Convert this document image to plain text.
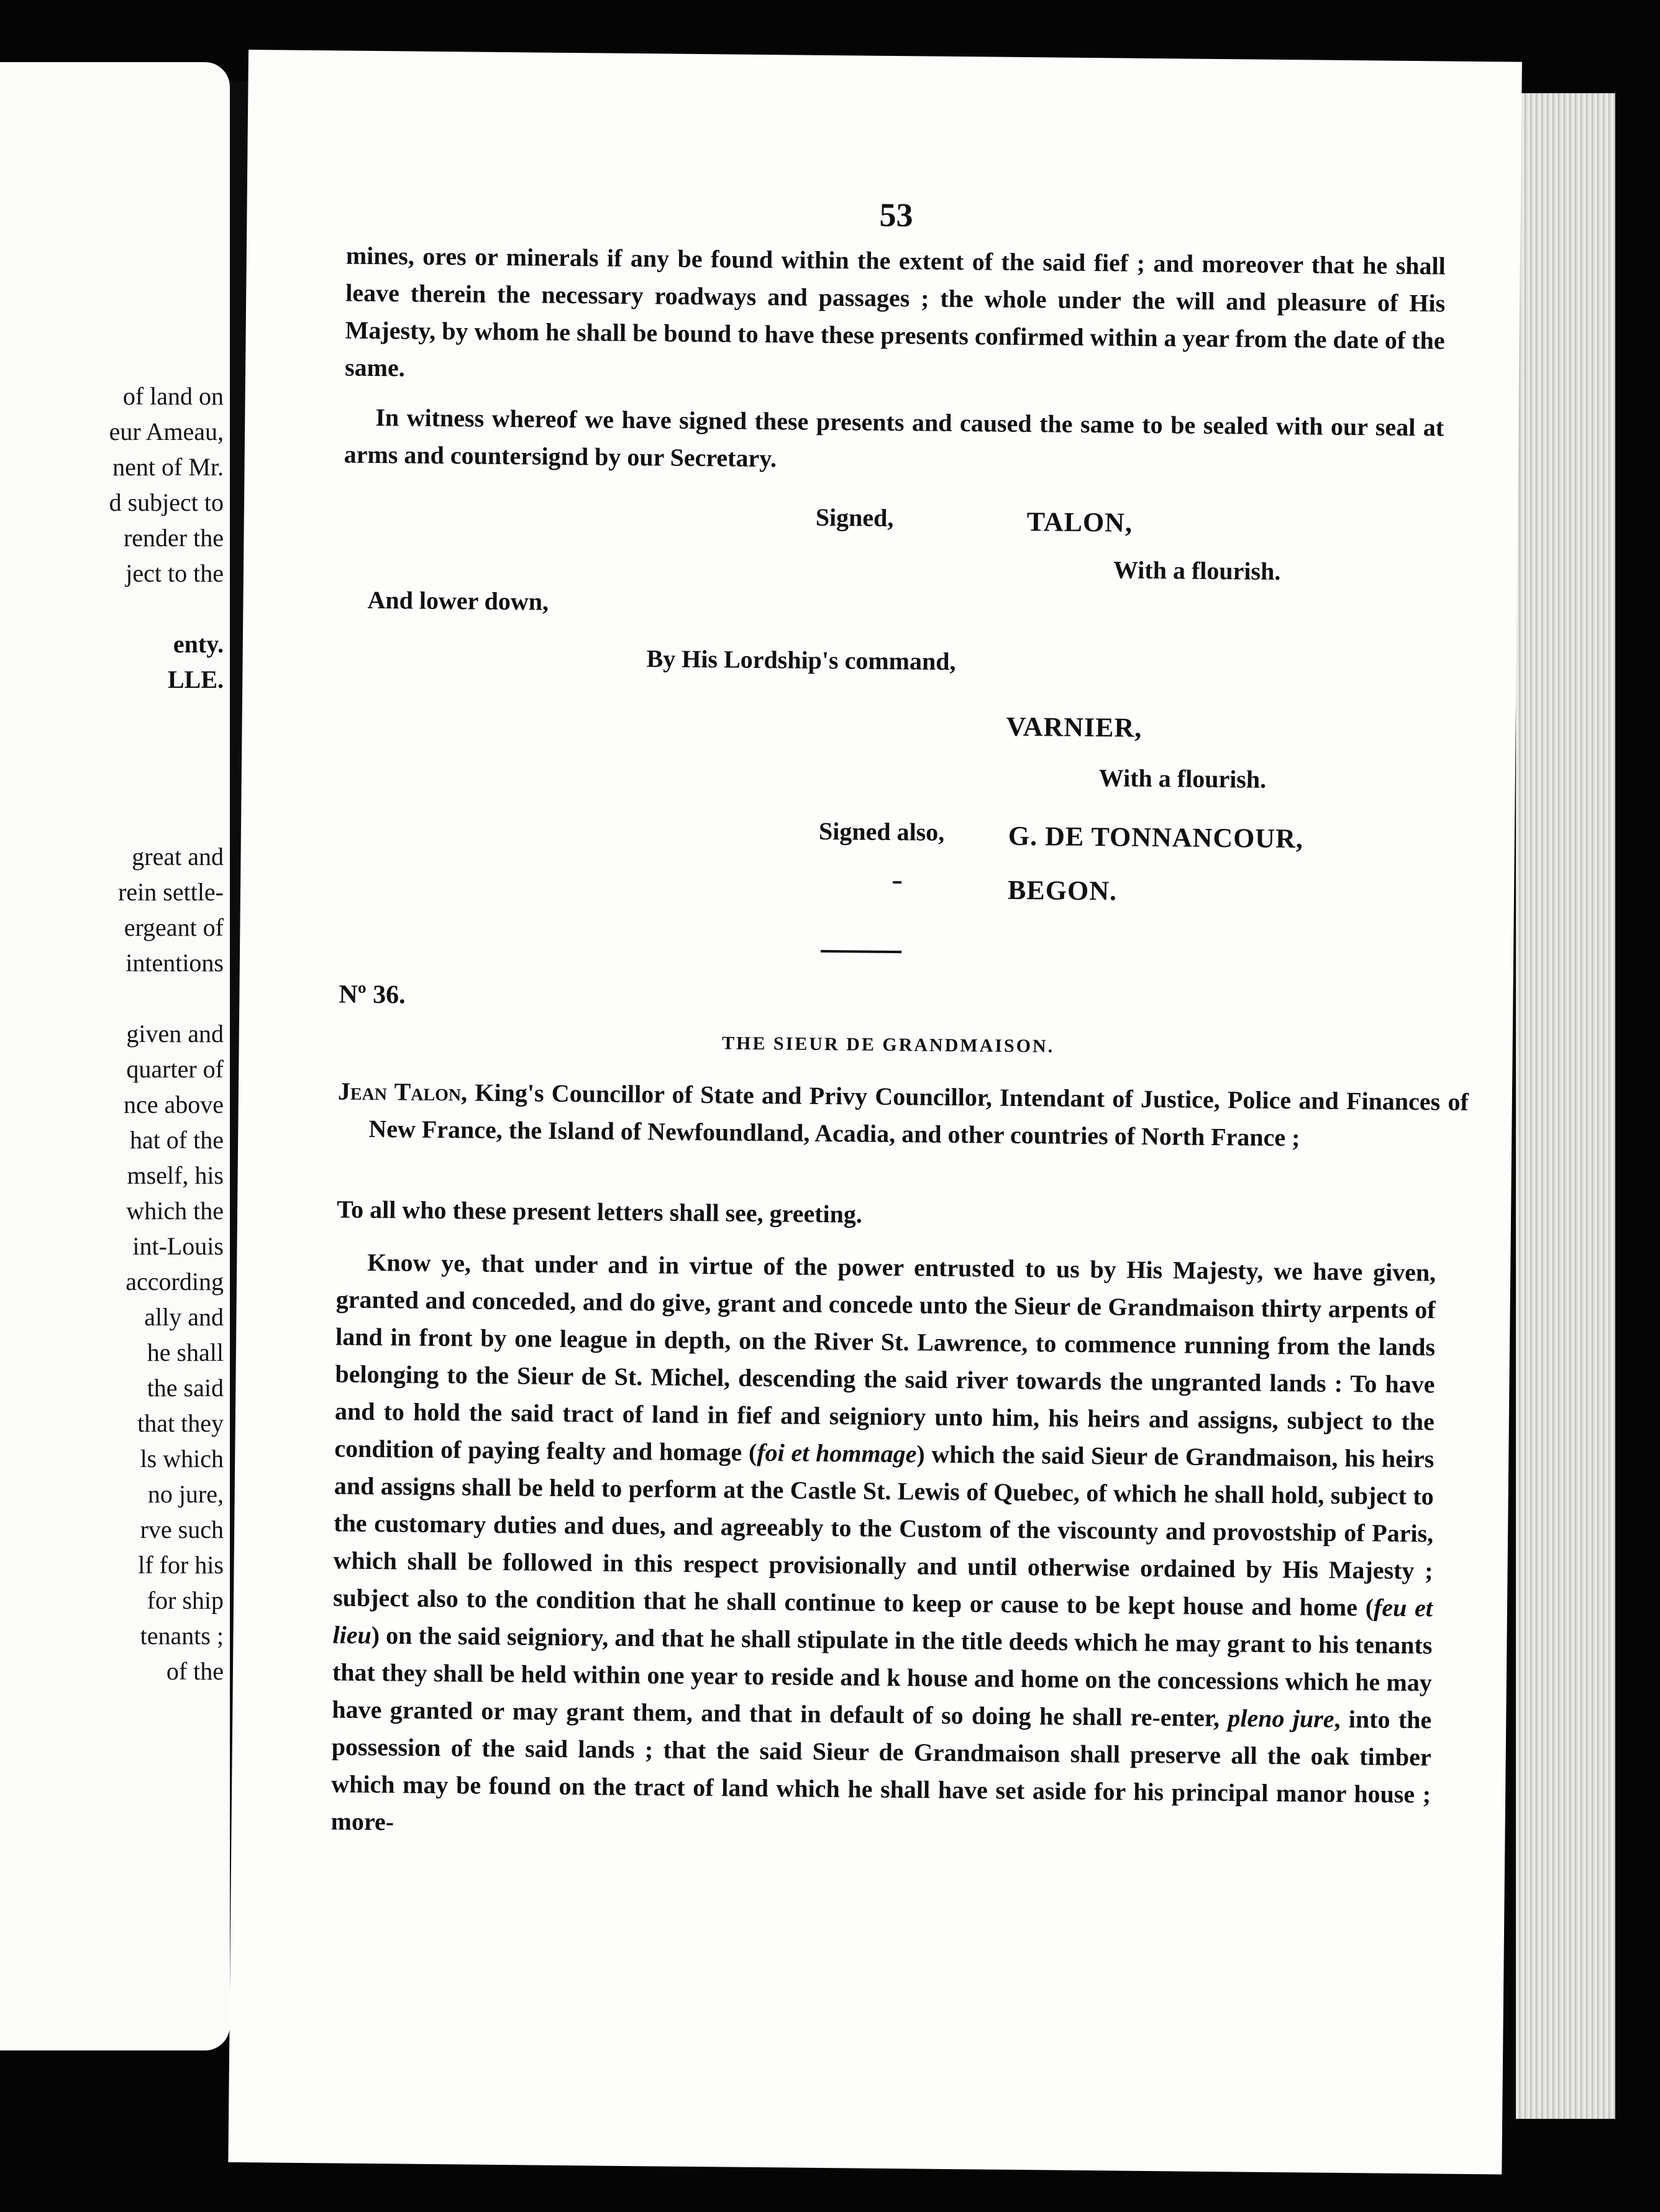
of land on
eur Ameau,
nent of Mr.
d subject to
render the
ject to the
enty.
LLE.
great and
rein settle-
ergeant of
intentions
given and
quarter of
nce above
hat of the
mself, his
which the
int-Louis
according
ally and
he shall
the said
that they
ls which
no jure,
rve such
lf for his
for ship
tenants ;
of the
53
mines, ores or minerals if any be found within the extent of the said fief ; and moreover that he shall leave therein the necessary roadways and passages ; the whole under the will and pleasure of His Majesty, by whom he shall be bound to have these presents confirmed within a year from the date of the same.
In witness whereof we have signed these presents and caused the same to be sealed with our seal at arms and countersignd by our Secretary.
Signed,	TALON,
With a flourish.
And lower down,
By His Lordship's command,
VARNIER,
With a flourish.
Signed also, G. DE TONNANCOUR,
BEGON.
Nº 36.
THE SIEUR DE GRANDMAISON.
Jean Talon, King's Councillor of State and Privy Councillor, Intendant of Justice, Police and Finances of New France, the Island of Newfoundland, Acadia, and other countries of North France ;
To all who these present letters shall see, greeting.
Know ye, that under and in virtue of the power entrusted to us by His Majesty, we have given, granted and conceded, and do give, grant and concede unto the Sieur de Grandmaison thirty arpents of land in front by one league in depth, on the River St. Lawrence, to commence running from the lands belonging to the Sieur de St. Michel, descending the said river towards the ungranted lands : To have and to hold the said tract of land in fief and seigniory unto him, his heirs and assigns, subject to the condition of paying fealty and homage (foi et hommage) which the said Sieur de Grandmaison, his heirs and assigns shall be held to perform at the Castle St. Lewis of Quebec, of which he shall hold, subject to the customary duties and dues, and agreeably to the Custom of the viscounty and provostship of Paris, which shall be followed in this respect provisionally and until otherwise ordained by His Majesty ; subject also to the condition that he shall continue to keep or cause to be kept house and home (feu et lieu) on the said seigniory, and that he shall stipulate in the title deeds which he may grant to his tenants that they shall be held within one year to reside and k house and home on the concessions which he may have granted or may grant them, and that in default of so doing he shall re-enter, pleno jure, into the possession of the said lands ; that the said Sieur de Grandmaison shall preserve all the oak timber which may be found on the tract of land which he shall have set aside for his principal manor house ; more-
